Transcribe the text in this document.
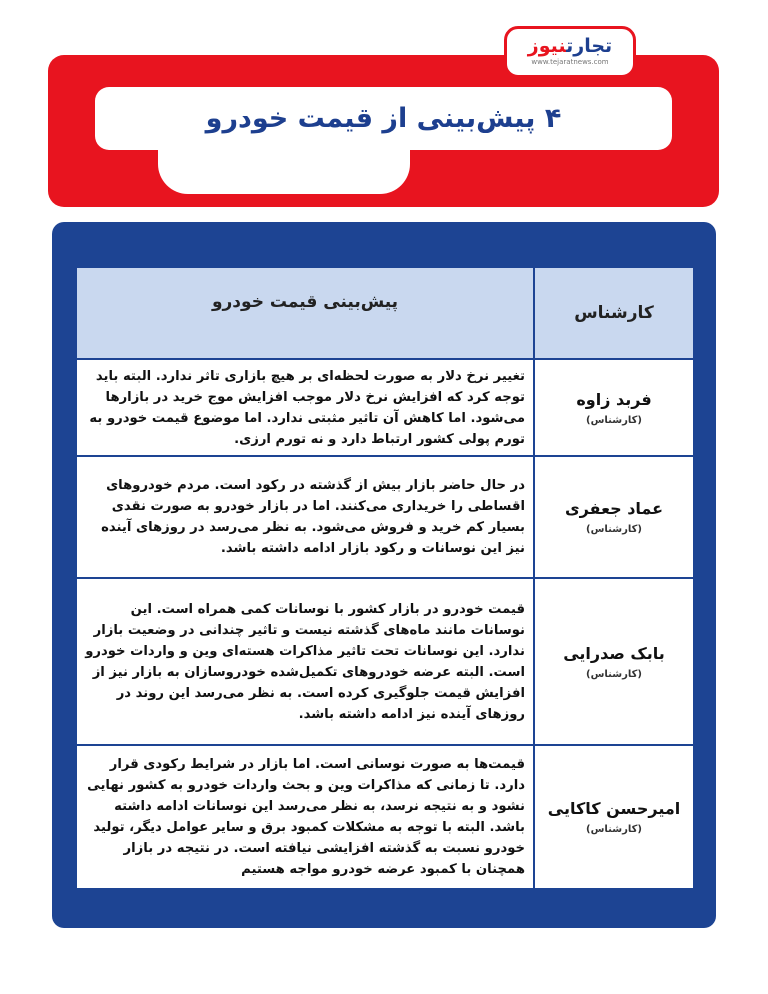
تجارتنیوز
www.tejaratnews.com
۴ پیش‌بینی از قیمت خودرو
کارشناس
پیش‌بینی قیمت خودرو
فربد زاوه
(کارشناس)
تغییر نرخ دلار به صورت لحظه‌ای بر هیچ بازاری تاثر ندارد. البته باید توجه کرد که افزایش نرخ دلار موجب افزایش موج خرید در بازارها می‌شود. اما کاهش آن تاثیر مثبتی ندارد. اما موضوع قیمت خودرو به تورم پولی کشور ارتباط دارد و نه تورم ارزی.
عماد جعفری
(کارشناس)
در حال حاضر بازار بیش از گذشته در رکود است. مردم خودروهای اقساطی را خریداری می‌کنند. اما در بازار خودرو به صورت نقدی بسیار کم خرید و فروش می‌شود. به نظر می‌رسد در روزهای آینده نیز این نوسانات و رکود بازار ادامه داشته باشد.
بابک صدرایی
(کارشناس)
قیمت خودرو در بازار کشور با نوسانات کمی همراه است. این نوسانات مانند ماه‌های گذشته نیست و تاثیر چندانی در وضعیت بازار ندارد. این نوسانات تحت تاثیر مذاکرات هسته‌ای وین و واردات خودرو است. البته عرضه خودروهای تکمیل‌شده خودروسازان به بازار نیز از افزایش قیمت جلوگیری کرده است. به نظر می‌رسد این روند در روزهای آینده نیز ادامه داشته باشد.
امیرحسن کاکایی
(کارشناس)
قیمت‌ها به صورت نوسانی است. اما بازار در شرایط رکودی قرار دارد. تا زمانی که مذاکرات وین و بحث واردات خودرو به کشور نهایی نشود و به نتیجه نرسد، به نظر می‌رسد این نوسانات ادامه داشته باشد. البته با توجه به مشکلات کمبود برق و سایر عوامل دیگر، تولید خودرو نسبت به گذشته افزایشی نیافته است. در نتیجه در بازار همچنان با کمبود عرضه خودرو مواجه هستیم
